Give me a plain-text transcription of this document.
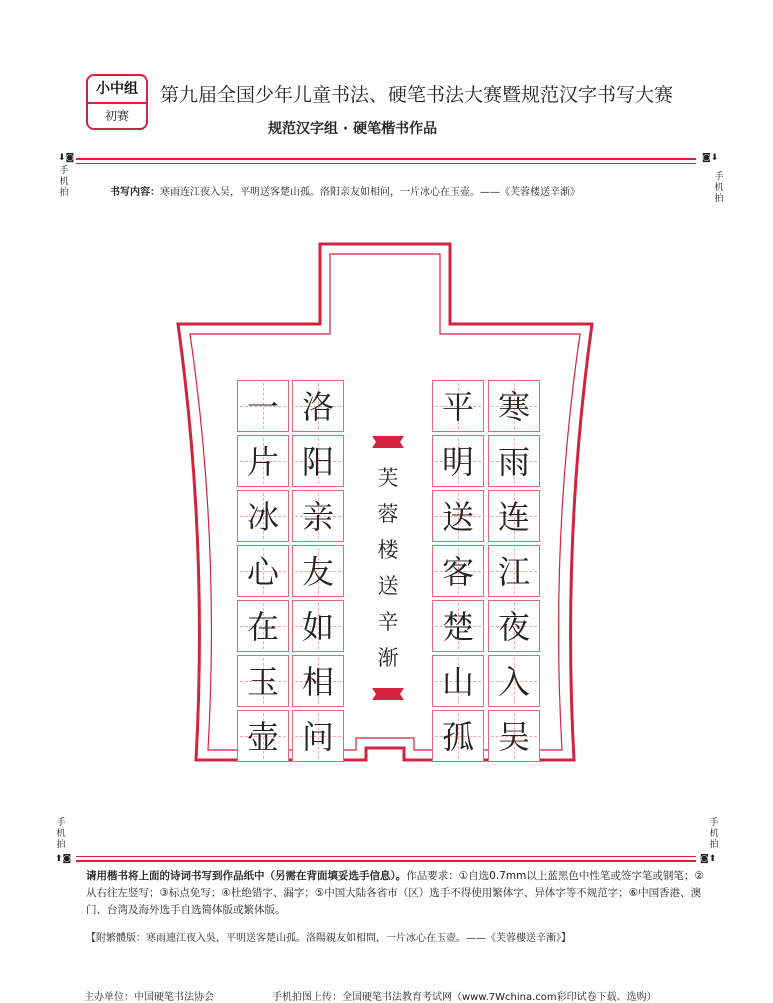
小中组
初赛
第九届全国少年儿童书法、硬笔书法大赛暨规范汉字书写大赛
规范汉字组 · 硬笔楷书作品
⬇◙
手机拍
◙⬇
手机拍
书写内容：寒雨连江夜入吴，平明送客楚山孤。洛阳亲友如相问，一片冰心在玉壶。——《芙蓉楼送辛渐》
寒
雨
连
江
夜
入
吴
平
明
送
客
楚
山
孤
洛
阳
亲
友
如
相
问
一
片
冰
心
在
玉
壶
芙
蓉
楼
送
辛
渐
手机拍
⬆◙
手机拍
◙⬆
请用楷书将上面的诗词书写到作品纸中（另需在背面填妥选手信息）。作品要求：①自选0.7mm以上蓝黑色中性笔或签字笔或钢笔；②从右往左竖写；③标点免写；④杜绝错字、漏字；⑤中国大陆各省市（区）选手不得使用繁体字、异体字等不规范字；⑥中国香港、澳门、台湾及海外选手自选简体版或繁体版。
【附繁體版：寒雨連江夜入吳，平明送客楚山孤。洛陽親友如相問，一片冰心在玉壺。——《芙蓉樓送辛漸》】
主办单位：中国硬笔书法协会	手机拍图上传：全国硬笔书法教育考试网（www.7Wchina.com彩印试卷下载、选购）
